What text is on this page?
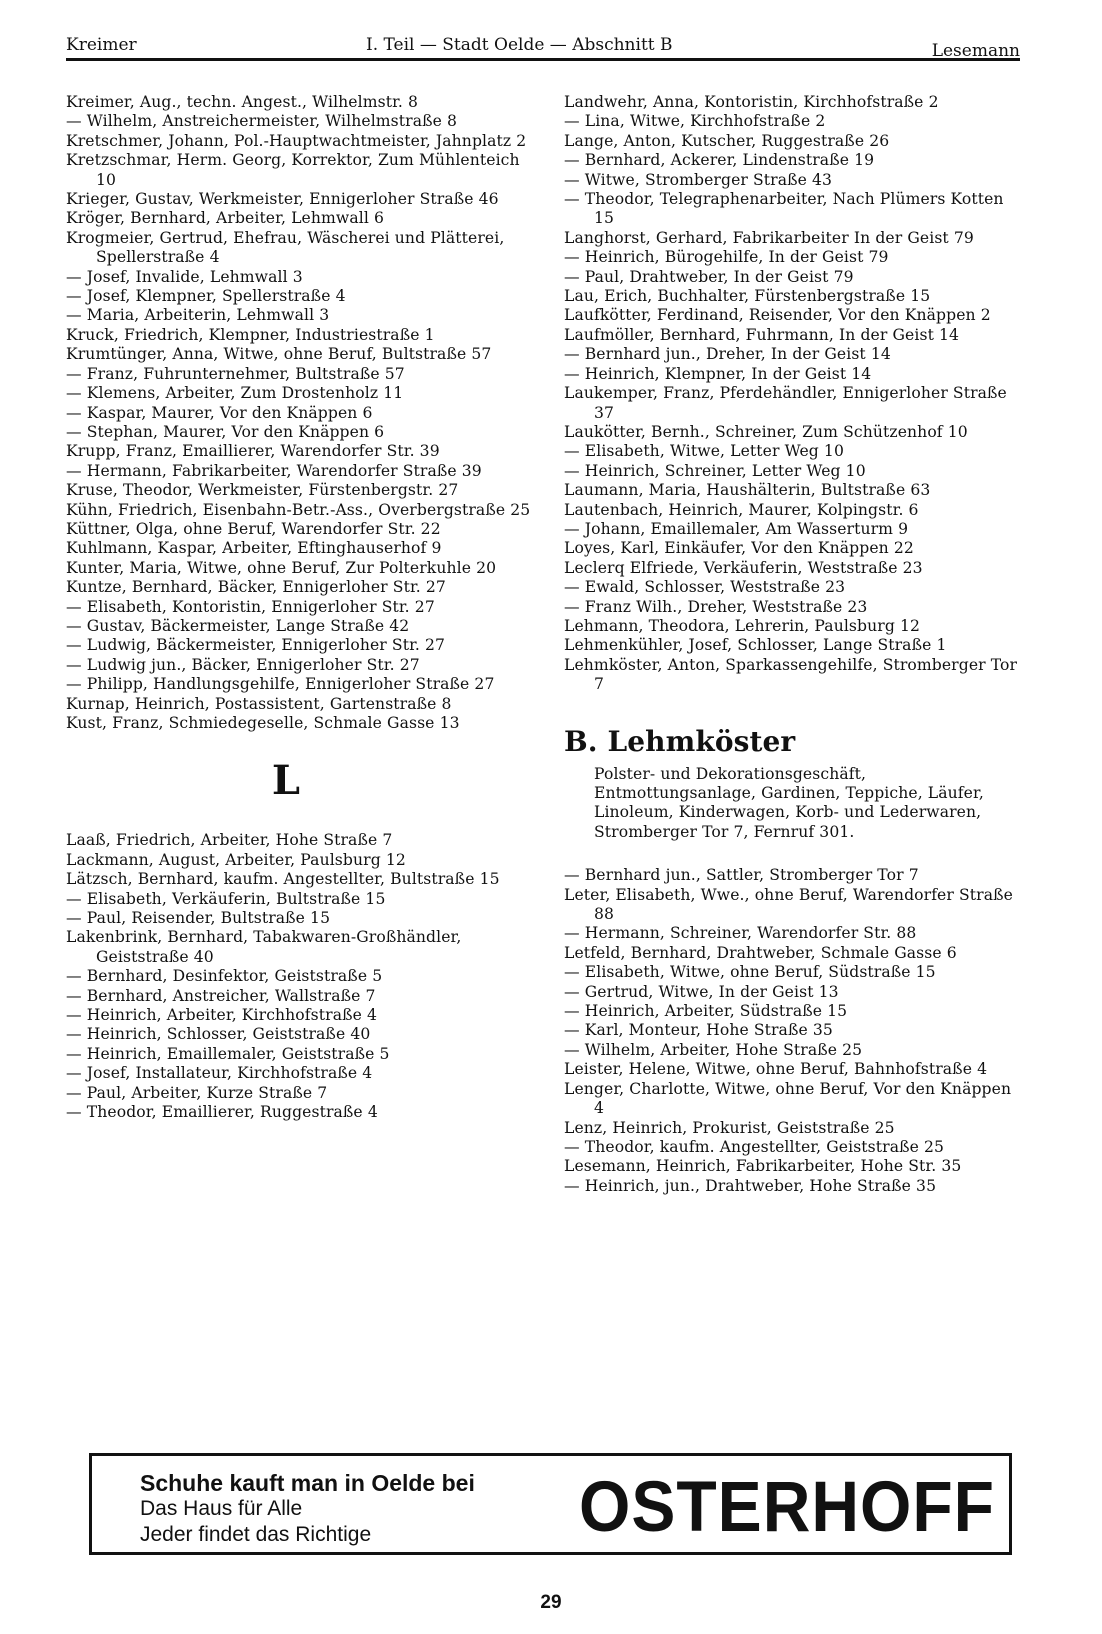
Kreimer	I. Teil — Stadt Oelde — Abschnitt B	Lesemann
Kreimer, Aug., techn. Angest., Wilhelmstr. 8
— Wilhelm, Anstreichermeister, Wilhelmstraße 8
Kretschmer, Johann, Pol.-Hauptwachtmeister, Jahnplatz 2
Kretzschmar, Herm. Georg, Korrektor, Zum Mühlenteich 10
Krieger, Gustav, Werkmeister, Ennigerloher Straße 46
Kröger, Bernhard, Arbeiter, Lehmwall 6
Krogmeier, Gertrud, Ehefrau, Wäscherei und Plätterei, Spellerstraße 4
— Josef, Invalide, Lehmwall 3
— Josef, Klempner, Spellerstraße 4
— Maria, Arbeiterin, Lehmwall 3
Kruck, Friedrich, Klempner, Industriestraße 1
Krumtünger, Anna, Witwe, ohne Beruf, Bultstraße 57
— Franz, Fuhrunternehmer, Bultstraße 57
— Klemens, Arbeiter, Zum Drostenholz 11
— Kaspar, Maurer, Vor den Knäppen 6
— Stephan, Maurer, Vor den Knäppen 6
Krupp, Franz, Emaillierer, Warendorfer Str. 39
— Hermann, Fabrikarbeiter, Warendorfer Straße 39
Kruse, Theodor, Werkmeister, Fürstenbergstr. 27
Kühn, Friedrich, Eisenbahn-Betr.-Ass., Overbergstraße 25
Küttner, Olga, ohne Beruf, Warendorfer Str. 22
Kuhlmann, Kaspar, Arbeiter, Eftinghauserhof 9
Kunter, Maria, Witwe, ohne Beruf, Zur Polterkuhle 20
Kuntze, Bernhard, Bäcker, Ennigerloher Str. 27
— Elisabeth, Kontoristin, Ennigerloher Str. 27
— Gustav, Bäckermeister, Lange Straße 42
— Ludwig, Bäckermeister, Ennigerloher Str. 27
— Ludwig jun., Bäcker, Ennigerloher Str. 27
— Philipp, Handlungsgehilfe, Ennigerloher Straße 27
Kurnap, Heinrich, Postassistent, Gartenstraße 8
Kust, Franz, Schmiedegeselle, Schmale Gasse 13
L
Laaß, Friedrich, Arbeiter, Hohe Straße 7
Lackmann, August, Arbeiter, Paulsburg 12
Lätzsch, Bernhard, kaufm. Angestellter, Bultstraße 15
— Elisabeth, Verkäuferin, Bultstraße 15
— Paul, Reisender, Bultstraße 15
Lakenbrink, Bernhard, Tabakwaren-Großhändler, Geiststraße 40
— Bernhard, Desinfektor, Geiststraße 5
— Bernhard, Anstreicher, Wallstraße 7
— Heinrich, Arbeiter, Kirchhofstraße 4
— Heinrich, Schlosser, Geiststraße 40
— Heinrich, Emaillemaler, Geiststraße 5
— Josef, Installateur, Kirchhofstraße 4
— Paul, Arbeiter, Kurze Straße 7
— Theodor, Emaillierer, Ruggestraße 4
Landwehr, Anna, Kontoristin, Kirchhofstraße 2
— Lina, Witwe, Kirchhofstraße 2
Lange, Anton, Kutscher, Ruggestraße 26
— Bernhard, Ackerer, Lindenstraße 19
— Witwe, Stromberger Straße 43
— Theodor, Telegraphenarbeiter, Nach Plümers Kotten 15
Langhorst, Gerhard, Fabrikarbeiter In der Geist 79
— Heinrich, Bürogehilfe, In der Geist 79
— Paul, Drahtweber, In der Geist 79
Lau, Erich, Buchhalter, Fürstenbergstraße 15
Laufkötter, Ferdinand, Reisender, Vor den Knäppen 2
Laufmöller, Bernhard, Fuhrmann, In der Geist 14
— Bernhard jun., Dreher, In der Geist 14
— Heinrich, Klempner, In der Geist 14
Laukemper, Franz, Pferdehändler, Ennigerloher Straße 37
Laukötter, Bernh., Schreiner, Zum Schützenhof 10
— Elisabeth, Witwe, Letter Weg 10
— Heinrich, Schreiner, Letter Weg 10
Laumann, Maria, Haushälterin, Bultstraße 63
Lautenbach, Heinrich, Maurer, Kolpingstr. 6
— Johann, Emaillemaler, Am Wasserturm 9
Loyes, Karl, Einkäufer, Vor den Knäppen 22
Leclerq Elfriede, Verkäuferin, Weststraße 23
— Ewald, Schlosser, Weststraße 23
— Franz Wilh., Dreher, Weststraße 23
Lehmann, Theodora, Lehrerin, Paulsburg 12
Lehmenkühler, Josef, Schlosser, Lange Straße 1
Lehmköster, Anton, Sparkassengehilfe, Stromberger Tor 7
B. Lehmköster
Polster- und Dekorationsgeschäft, Entmottungsanlage, Gardinen, Teppiche, Läufer, Linoleum, Kinderwagen, Korb- und Lederwaren, Stromberger Tor 7, Fernruf 301.
— Bernhard jun., Sattler, Stromberger Tor 7
Leter, Elisabeth, Wwe., ohne Beruf, Warendorfer Straße 88
— Hermann, Schreiner, Warendorfer Str. 88
Letfeld, Bernhard, Drahtweber, Schmale Gasse 6
— Elisabeth, Witwe, ohne Beruf, Südstraße 15
— Gertrud, Witwe, In der Geist 13
— Heinrich, Arbeiter, Südstraße 15
— Karl, Monteur, Hohe Straße 35
— Wilhelm, Arbeiter, Hohe Straße 25
Leister, Helene, Witwe, ohne Beruf, Bahnhofstraße 4
Lenger, Charlotte, Witwe, ohne Beruf, Vor den Knäppen 4
Lenz, Heinrich, Prokurist, Geiststraße 25
— Theodor, kaufm. Angestellter, Geiststraße 25
Lesemann, Heinrich, Fabrikarbeiter, Hohe Str. 35
— Heinrich, jun., Drahtweber, Hohe Straße 35
Schuhe kauft man in Oelde bei
Das Haus für Alle
Jeder findet das Richtige	OSTERHOFF
29
